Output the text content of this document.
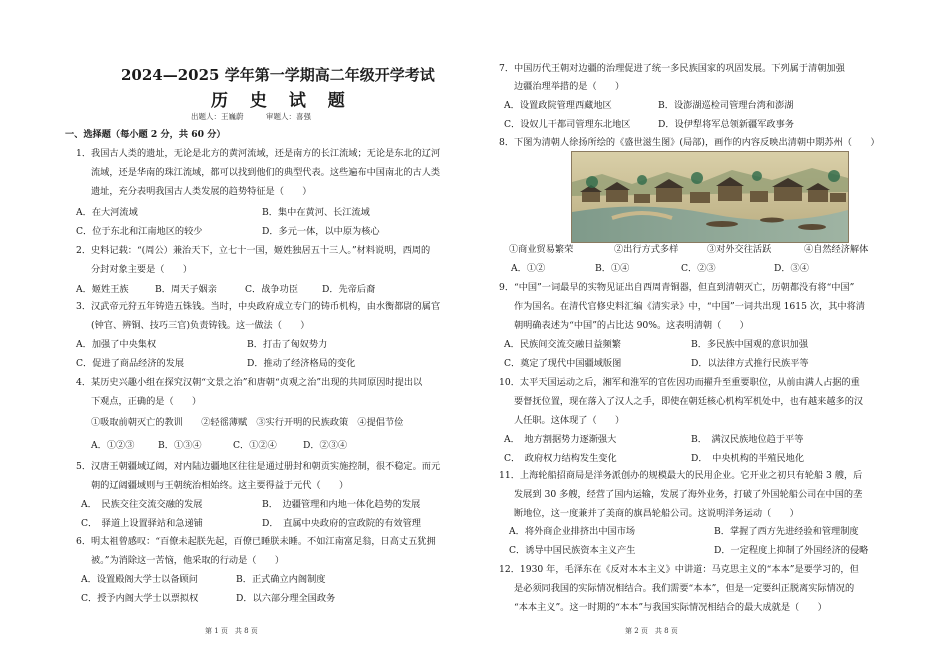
2024—2025 学年第一学期高二年级开学考试
历 史 试 题
出题人：王巍蔚　　　审题人：喜强
一、选择题（每小题 2 分，共 60 分）
1．我国古人类的遗址，无论是北方的黄河流域，还是南方的长江流域；无论是东北的辽河
流域，还是华南的珠江流域，都可以找到他们的典型代表。这些遍布中国南北的古人类
遗址，充分表明我国古人类发展的趋势特征是（　　）
A．在大河流域	B．集中在黄河、长江流域
C．位于东北和江南地区的较少	D．多元一体，以中原为核心
2．史料记载：“(周公）兼治天下，立七十一国，姬姓独居五十三人。”材料说明，西周的
分封对象主要是（　　）
A．姬姓王族	B．周天子姻亲	C．战争功臣	D．先帝后裔
3．汉武帝元狩五年铸造五铢钱。当时，中央政府成立专门的铸币机构，由水衡都尉的属官
(钟官、辨铜、技巧三官)负责铸钱。这一做法（　　）
A．加强了中央集权	B．打击了匈奴势力
C．促进了商品经济的发展	D．推动了经济格局的变化
4．某历史兴趣小组在探究汉朝“文景之治”和唐朝“贞观之治”出现的共同原因时提出以
下观点，正确的是（　　）
①吸取前朝灭亡的教训　　②轻徭薄赋　③实行开明的民族政策　④提倡节俭
A．①②③	B．①③④	C．①②④	D．②③④
5．汉唐王朝疆域辽阔，对内陆边疆地区往往是通过册封和朝贡实施控制，很不稳定。而元
朝的辽阔疆域则与王朝统治相始终。这主要得益于元代（　　）
A．　民族交往交流交融的发展	B．　边疆管理和内地一体化趋势的发展
C．　驿道上设置驿站和急递铺	D．　直属中央政府的宣政院的有效管理
6．明太祖曾感叹：“百僚未起朕先起，百僚已睡朕未睡。不如江南富足翁，日高丈五犹拥
被。”为消除这一苦恼，他采取的行动是（　　）
A．设置殿阁大学士以备顾问	B．正式确立内阁制度
C．授予内阁大学士以票拟权	D．以六部分理全国政务
第 1 页　共 8 页
7．中国历代王朝对边疆的治理促进了统一多民族国家的巩固发展。下列属于清朝加强
边疆治理举措的是（　　）
A．设置政院管理西藏地区	B．设澎湖巡检司管理台湾和澎湖
C．设奴儿干都司管理东北地区	D．设伊犁将军总领新疆军政事务
8．下图为清朝人徐扬所绘的《盛世滋生图》(局部)，画作的内容反映出清朝中期苏州（　　）
①商业贸易繁荣	②出行方式多样	③对外交往活跃	④自然经济解体
A．①②	B．①④	C．②③	D．③④
9．“中国”一词最早的实物见证出自西周青铜器，但直到清朝灭亡，历朝都没有将“中国”
作为国名。在清代官修史料汇编《清实录》中，“中国”一词共出现 1615 次，其中将清
朝明确表述为“中国”的占比达 90%。这表明清朝（　　）
A．民族间交流交融日益频繁	B．多民族中国观的意识加强
C．奠定了现代中国疆域版图	D．以法律方式推行民族平等
10．太平天国运动之后，湘军和淮军的官佐因功而擢升至重要职位，从前由满人占据的重
要督抚位置，现在落入了汉人之手，即使在朝廷核心机构军机处中，也有越来越多的汉
人任职。这体现了（　　）
A．　地方割据势力逐渐强大	B．　满汉民族地位趋于平等
C．　政府权力结构发生变化	D．　中央机构的半殖民地化
11．上海轮船招商局是洋务派创办的规模最大的民用企业。它开业之初只有轮船 3 艘，后
发展到 30 多艘，经营了国内运输，发展了海外业务，打破了外国轮船公司在中国的垄
断地位，这一度兼并了美商的旗昌轮船公司。这说明洋务运动（　　）
A．将外商企业排挤出中国市场	B．掌握了西方先进经验和管理制度
C．诱导中国民族资本主义产生	D．一定程度上抑制了外国经济的侵略
12．1930 年，毛泽东在《反对本本主义》中讲道：马克思主义的“本本”是要学习的，但
是必须同我国的实际情况相结合。我们需要“本本”，但是一定要纠正脱离实际情况的
“本本主义”。这一时期的“本本”与我国实际情况相结合的最大成就是（　　）
第 2 页　共 8 页
